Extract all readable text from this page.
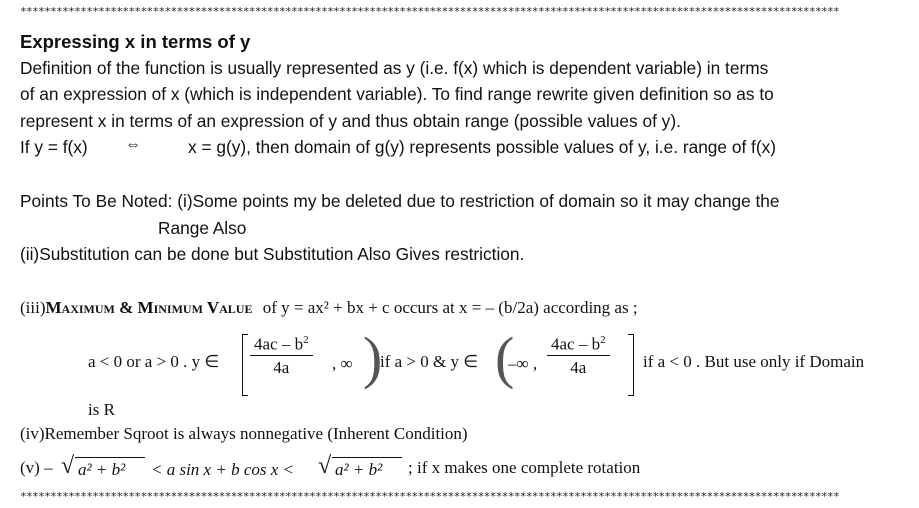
****************************************************************************************************************************************
Expressing x in terms of y
Definition of the function is usually represented as y (i.e. f(x) which is dependent variable) in terms
of an expression of x (which is independent variable). To find range rewrite given definition so as to
represent x in terms of an expression of y and thus obtain range (possible values of y).
If y = f(x) ⇔	x = g(y), then domain of g(y) represents possible values of y, i.e. range of f(x)
Points To Be Noted: (i)Some points my be deleted due to restriction of domain so it may change the
Range Also
(ii)Substitution can be done but Substitution Also Gives restriction.
(iii)Maximum & Minimum Value of y = ax² + bx + c occurs at x = – (b/2a) according as ;
a < 0 or a > 0 . y ∈ $\frac{4ac - b^2}{4a}$ , ∞ )
if a > 0 & y ∈ (
–∞ , $\frac{4ac - b^2}{4a}$ if a < 0 . But use only if Domain
is R
(iv)Remember Sqroot is always nonnegative (Inherent Condition)
(v) – √ a² + b² < a sin x + b cos x < √ a² + b² ; if x makes one complete rotation
****************************************************************************************************************************************
